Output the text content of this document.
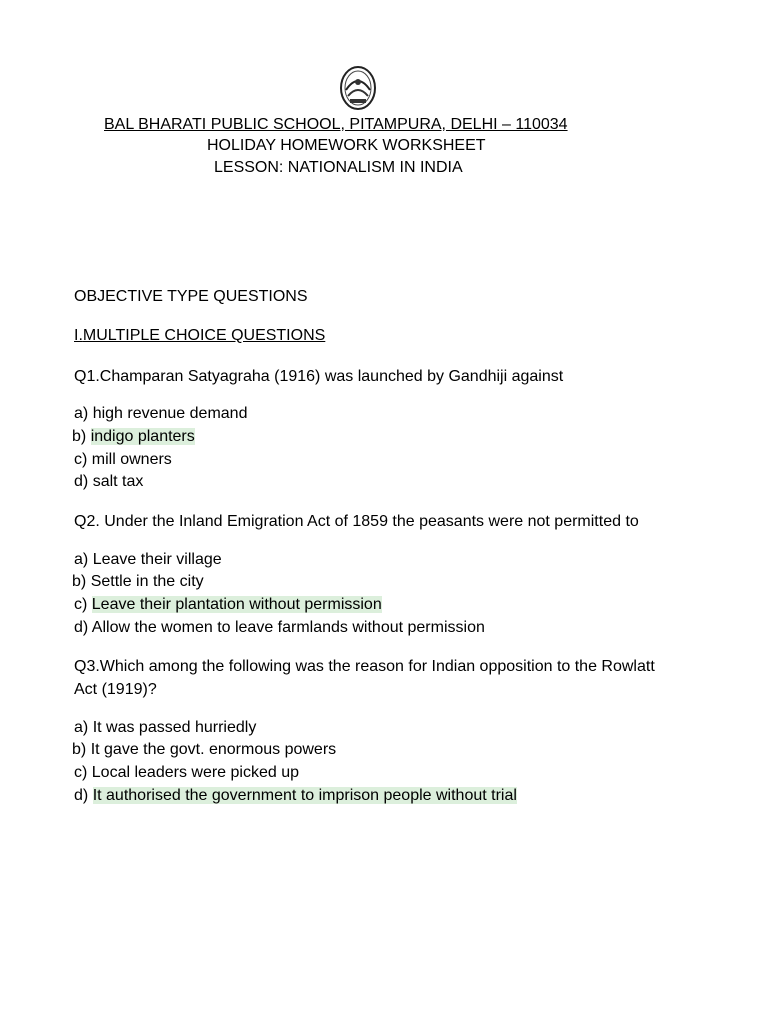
BAL BHARATI PUBLIC SCHOOL, PITAMPURA, DELHI – 110034
HOLIDAY HOMEWORK WORKSHEET
LESSON: NATIONALISM IN INDIA
OBJECTIVE TYPE QUESTIONS
I.MULTIPLE CHOICE QUESTIONS
Q1.Champaran Satyagraha (1916) was launched by Gandhiji against
a) high revenue demand
b) indigo planters
c) mill owners
d) salt tax
Q2. Under the Inland Emigration Act of 1859 the peasants were not permitted to
a) Leave their village
b) Settle in the city
c) Leave their plantation without permission
d) Allow the women to leave farmlands without permission
Q3.Which among the following was the reason for Indian opposition to the Rowlatt
Act (1919)?
a) It was passed hurriedly
b) It gave the govt. enormous powers
c) Local leaders were picked up
d) It authorised the government to imprison people without trial
